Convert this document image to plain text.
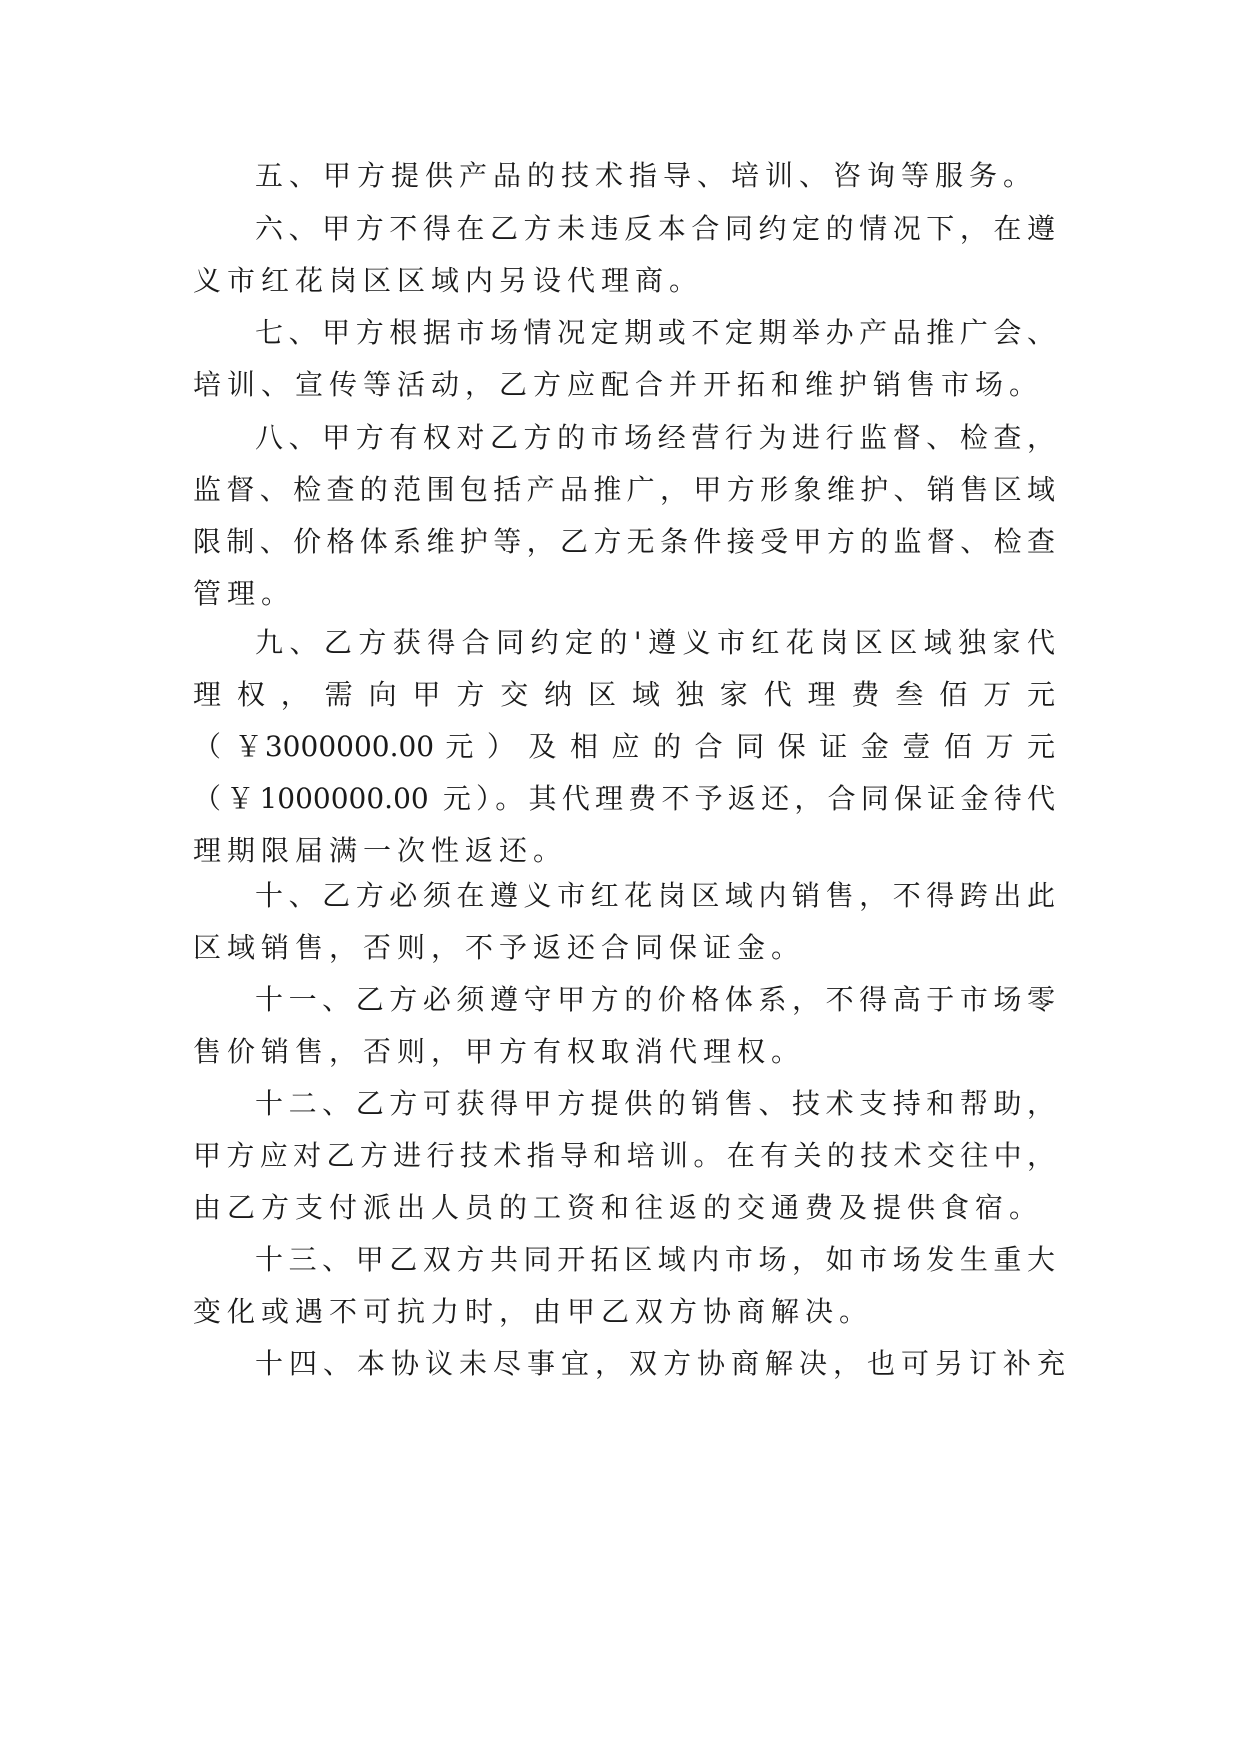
五、甲方提供产品的技术指导、培训、咨询等服务。
六、甲方不得在乙方未违反本合同约定的情况下，在遵
义市红花岗区区域内另设代理商。
七、甲方根据市场情况定期或不定期举办产品推广会、
培训、宣传等活动，乙方应配合并开拓和维护销售市场。
八、甲方有权对乙方的市场经营行为进行监督、检查，
监督、检查的范围包括产品推广，甲方形象维护、销售区域
限制、价格体系维护等，乙方无条件接受甲方的监督、检查
管理。
九、乙方获得合同约定的'遵义市红花岗区区域独家代
理 权 ， 需 向 甲 方 交 纳 区 域 独 家 代 理 费 叁 佰 万 元
（ ￥3000000.00 元 ） 及 相 应 的 合 同 保 证 金 壹 佰 万 元
（￥1000000.00 元）。其代理费不予返还，合同保证金待代
理期限届满一次性返还。
十、乙方必须在遵义市红花岗区域内销售，不得跨出此
区域销售，否则，不予返还合同保证金。
十一、乙方必须遵守甲方的价格体系，不得高于市场零
售价销售，否则，甲方有权取消代理权。
十二、乙方可获得甲方提供的销售、技术支持和帮助，
甲方应对乙方进行技术指导和培训。在有关的技术交往中，
由乙方支付派出人员的工资和往返的交通费及提供食宿。
十三、甲乙双方共同开拓区域内市场，如市场发生重大
变化或遇不可抗力时，由甲乙双方协商解决。
十四、本协议未尽事宜，双方协商解决，也可另订补充
